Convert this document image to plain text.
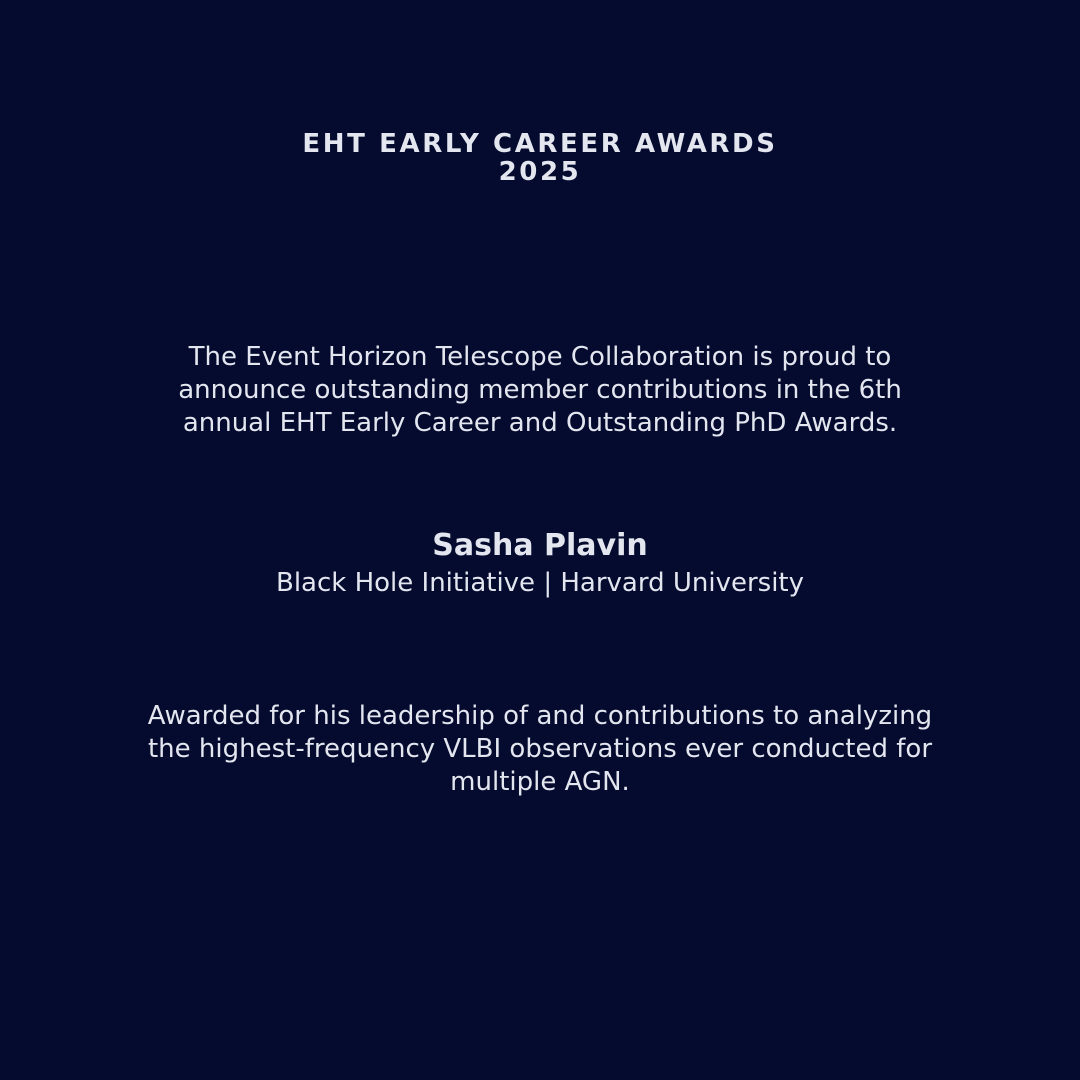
EHT EARLY CAREER AWARDS
2025
The Event Horizon Telescope Collaboration is proud to
announce outstanding member contributions in the 6th
annual EHT Early Career and Outstanding PhD Awards.
Sasha Plavin
Black Hole Initiative | Harvard University
Awarded for his leadership of and contributions to analyzing
the highest-frequency VLBI observations ever conducted for
multiple AGN.
